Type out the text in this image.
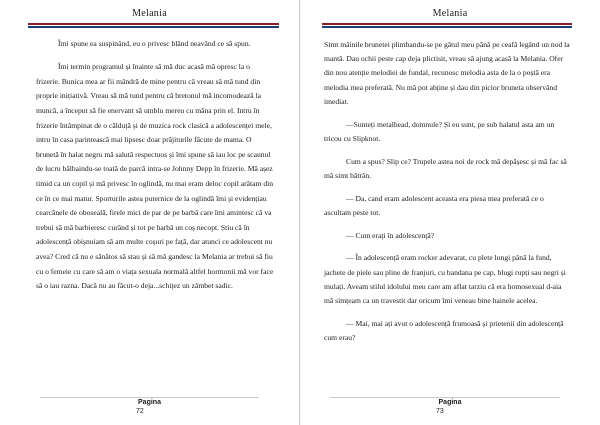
Melania

Îmi spune ea suspinând, eu o privesc blând neavând ce să spun.

Îmi termin programul și înainte să mă duc acasă mă opresc la o frizerie. Bunica mea ar fii mândră de mine pentru că vreau să mă tund din proprie inițiativă. Vreau să mă tund pentru că bretonul mă incomodează la muncă, a început să fie enervant să umblu mereu cu mâna prin el. Intru în frizerie întâmpinat de o călduță și de muzica rock clasică a adolescenței mele, intru în casa parintească mai lipsesc doar prăjiturile făcute de mama. O brunetă în halat negru mă salută respectuos și îmi spune să iau loc pe scaunul de lucru bâlbaindu-se toată de parcă intra-se Johnny Depp în frizerie. Mă așez timid ca un copil și mă privesc în oglindă, nu mai eram deloc copil arătam din ce în ce mai matur. Sporturile astea puternice de la oglindă îmi și evidențiau cearcănele de oboseală, firele mici de par de pe barbă care îmi amintesc că va trebui să mă barbieresc curând și tot pe barbă un coș necopt. Știu că în adolescență obișnuiam să am multe coșuri pe față, dar atunci ce adolescent nu avea? Cred că nu e sănătos să stau și să mă gandesc la Melania ar trebui să fiu cu o femeie cu care să am o viața sexuala normală altfel hormonii mă vor face să o iau razna. Dacă nu au făcut-o deja...schițez un zâmbet sadic.

Pagina
72
Melania

Simt mâinile brunetei plimbandu-se pe gâtul meu până pe ceafă legând un nod la mantă. Dau ochii peste cap deja plictisit, vreau să ajung acasă la Melania. Ofer din nou atenție melodiei de fundal, recunosc melodia asta de la o poștă era melodia mea preferată. Nu mă pot abține și dau din picior bruneta observând imediat.

—Sunteți metalhead, domnule? Și eu sunt, pe sub halatul asta am un tricou cu Slipknot.

Cum a spus? Slip ce? Trupele astea noi de rock mă depășesc și mă fac să mă simt bătrân.

— Da, cand eram adolescent aceasta era piesa mea preferată ce o ascultam peste tot.

— Cum erați în adolescență?

— În adolescență eram rocker adevarat, cu plete lungi până la fund, jachete de piele sau pline de franjuri, cu bandana pe cap, blugi rupți sau negri și mulați. Aveam stilul idolului meu care am aflat tarziu că era homosexual d-aia mă simțeam ca un travestit dar oricum îmi veneau bine hainele acelea.

— Mai, mai ați avut o adolescență frumoasă și prietenii din adolescență cum erau?

Pagina
73
